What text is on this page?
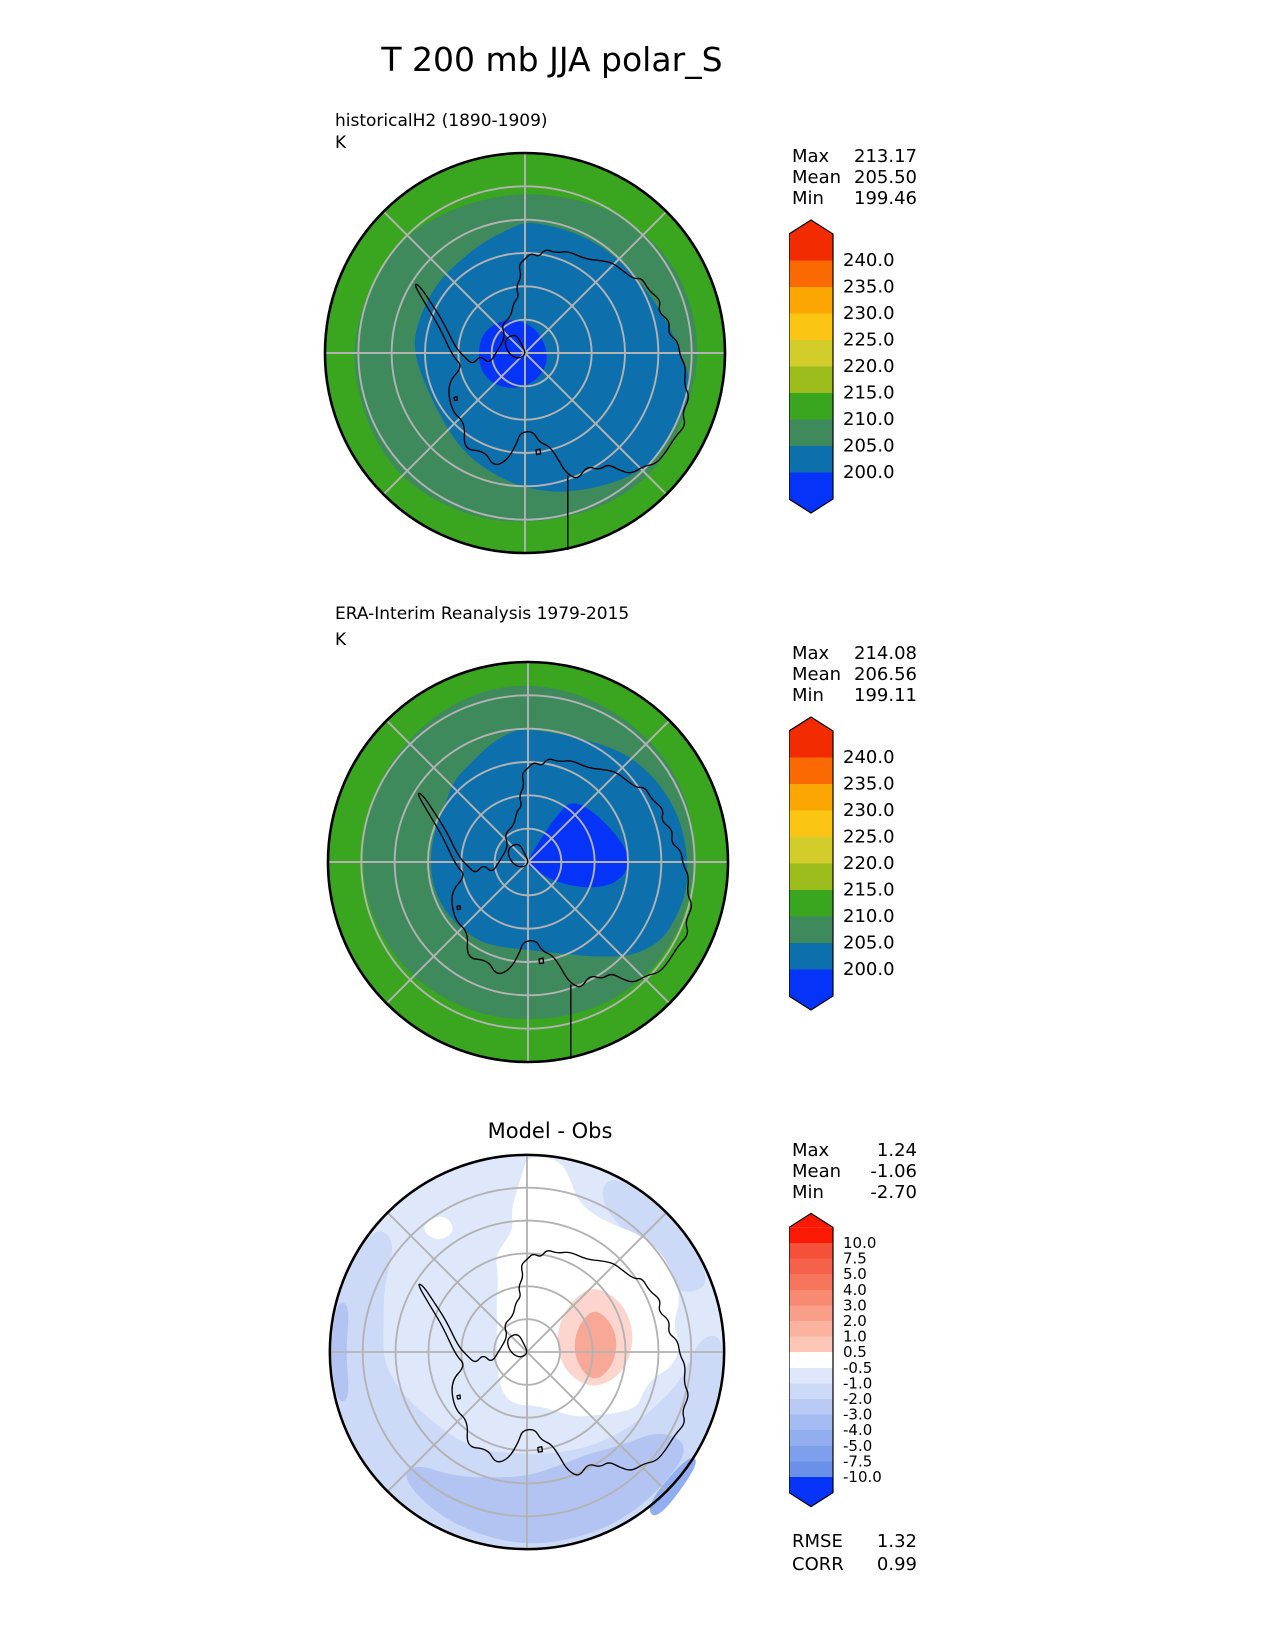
T 200 mb JJA polar_S
historicalH2 (1890-1909)
K
Max 213.17
Mean 205.50
Min 199.46
240.0
235.0
230.0
225.0
220.0
215.0
210.0
205.0
200.0
ERA-Interim Reanalysis 1979-2015
K
Max 214.08
Mean 206.56
Min 199.11
240.0
235.0
230.0
225.0
220.0
215.0
210.0
205.0
200.0
Model - Obs
Max	1.24
Mean -1.06
Min	-2.70
10.0
7.5
5.0
4.0
3.0
2.0
1.0
0.5
-0.5
-1.0
-2.0
-3.0
-4.0
-5.0
-7.5
-10.0
RMSE 1.32
CORR 0.99
